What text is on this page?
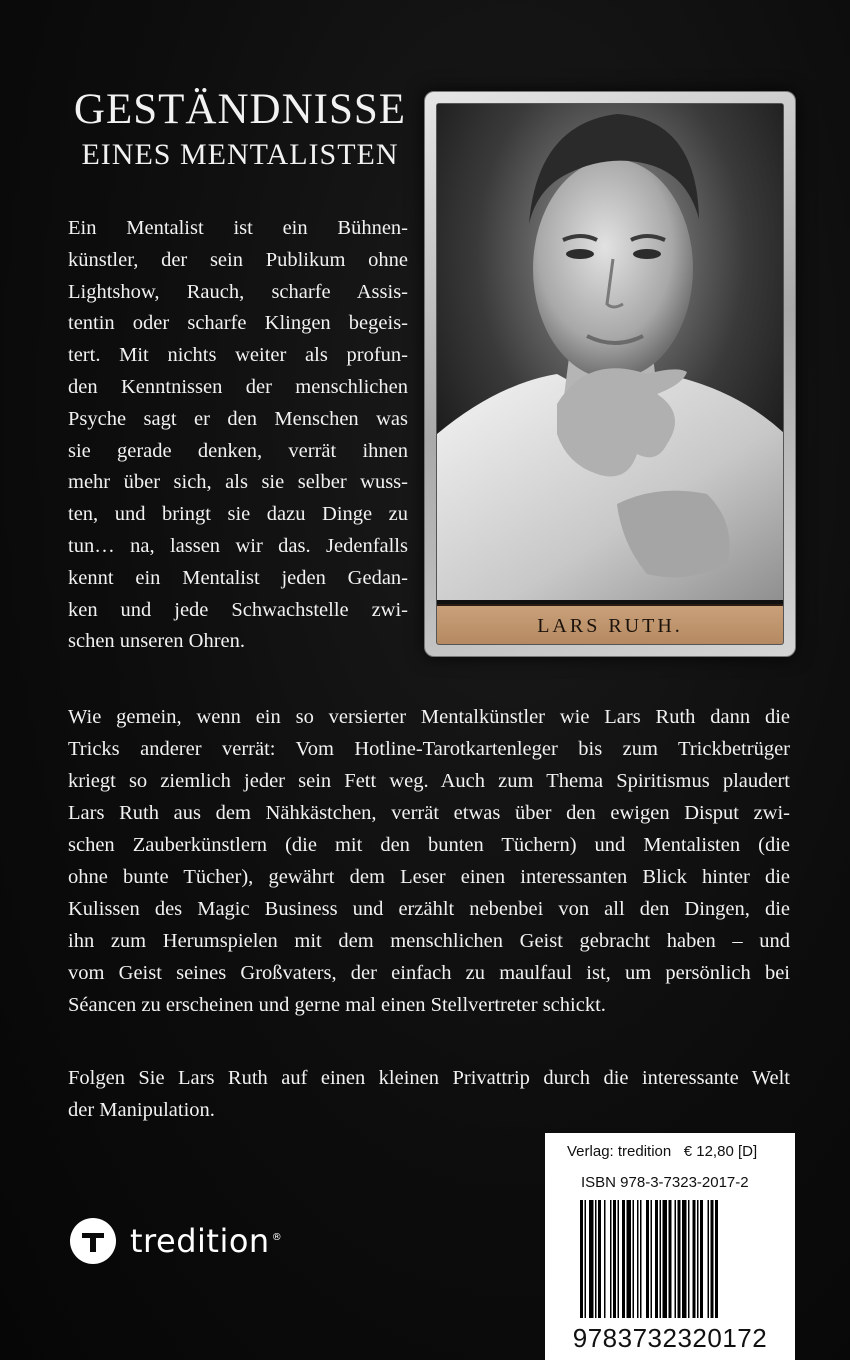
GESTÄNDNISSE
EINES MENTALISTEN
Ein Mentalist ist ein Bühnen-
künstler, der sein Publikum ohne
Lightshow, Rauch, scharfe Assis-
tentin oder scharfe Klingen begeis-
tert. Mit nichts weiter als profun-
den Kenntnissen der menschlichen
Psyche sagt er den Menschen was
sie gerade denken, verrät ihnen
mehr über sich, als sie selber wuss-
ten, und bringt sie dazu Dinge zu
tun… na, lassen wir das. Jedenfalls
kennt ein Mentalist jeden Gedan-
ken und jede Schwachstelle zwi-
schen unseren Ohren.
LARS RUTH.
Wie gemein, wenn ein so versierter Mentalkünstler wie Lars Ruth dann die
Tricks anderer verrät: Vom Hotline-Tarotkartenleger bis zum Trickbetrüger
kriegt so ziemlich jeder sein Fett weg. Auch zum Thema Spiritismus plaudert
Lars Ruth aus dem Nähkästchen, verrät etwas über den ewigen Disput zwi-
schen Zauberkünstlern (die mit den bunten Tüchern) und Mentalisten (die
ohne bunte Tücher), gewährt dem Leser einen interessanten Blick hinter die
Kulissen des Magic Business und erzählt nebenbei von all den Dingen, die
ihn zum Herumspielen mit dem menschlichen Geist gebracht haben – und
vom Geist seines Großvaters, der einfach zu maulfaul ist, um persönlich bei
Séancen zu erscheinen und gerne mal einen Stellvertreter schickt.
Folgen Sie Lars Ruth auf einen kleinen Privattrip durch die interessante Welt
der Manipulation.
tredition ®
Verlag: tredition   € 12,80 [D]
ISBN 978-3-7323-2017-2
9783732320172
